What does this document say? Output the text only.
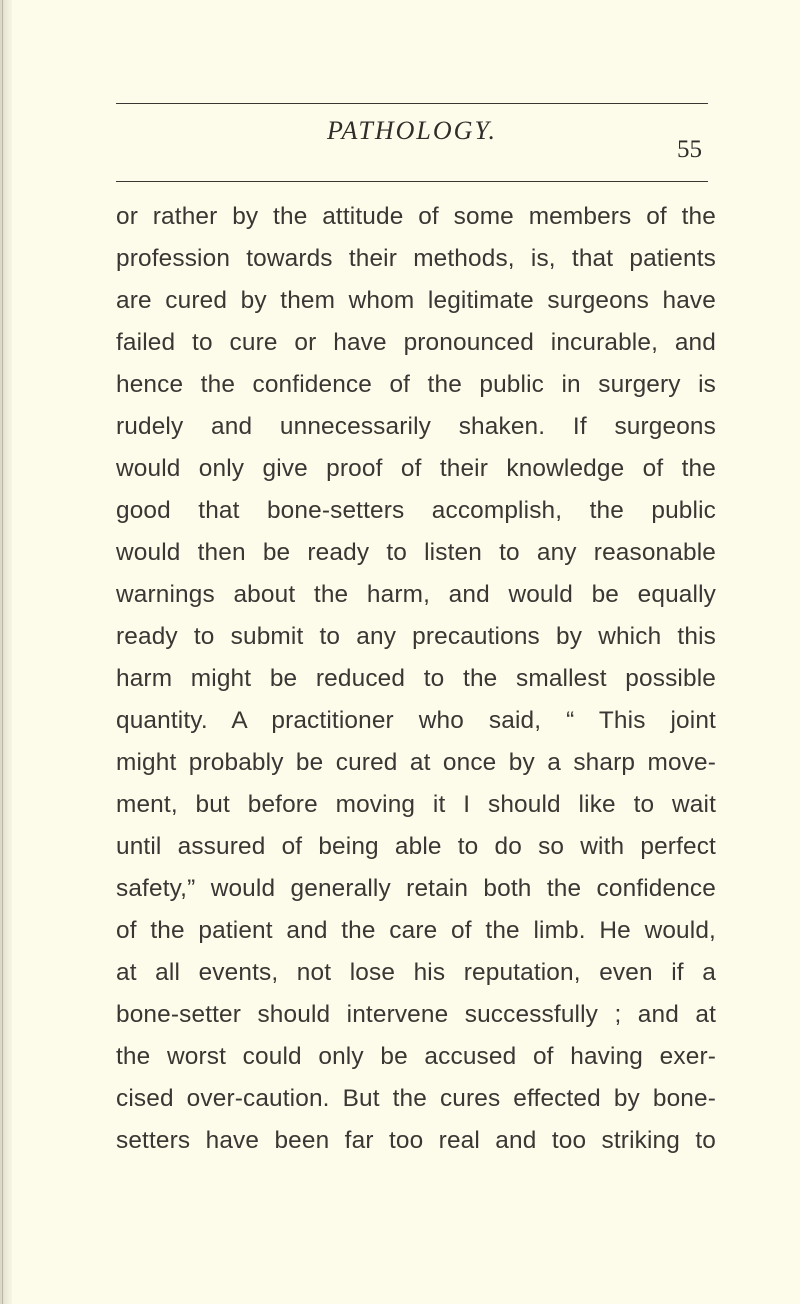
PATHOLOGY.
55
or rather by the attitude of some members of the
profession towards their methods, is, that patients
are cured by them whom legitimate surgeons have
failed to cure or have pronounced incurable, and
hence the confidence of the public in surgery is
rudely and unnecessarily shaken. If surgeons
would only give proof of their knowledge of the
good that bone-setters accomplish, the public
would then be ready to listen to any reasonable
warnings about the harm, and would be equally
ready to submit to any precautions by which this
harm might be reduced to the smallest possible
quantity. A practitioner who said, “ This joint
might probably be cured at once by a sharp move-
ment, but before moving it I should like to wait
until assured of being able to do so with perfect
safety,” would generally retain both the confidence
of the patient and the care of the limb. He would,
at all events, not lose his reputation, even if a
bone-setter should intervene successfully ; and at
the worst could only be accused of having exer-
cised over-caution. But the cures effected by bone-
setters have been far too real and too striking to
